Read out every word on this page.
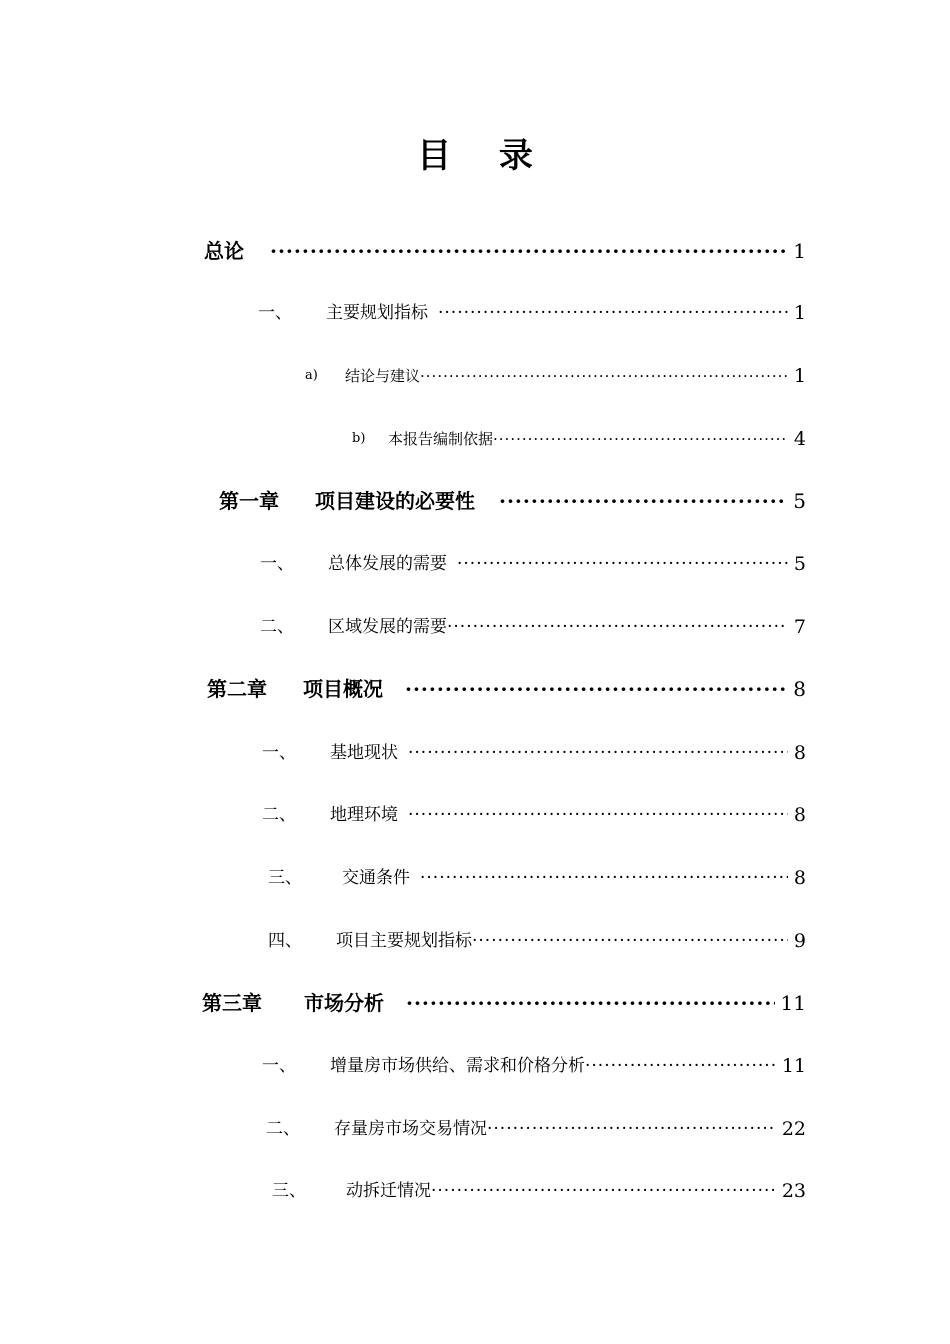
目 录
总论 ·····	1
一、	主要规划指标 ·····	1
a)	结论与建议 ·····	1
b)	本报告编制依据 ·····	4
第一章	项目建设的必要性 ·····	5
一、	总体发展的需要 ·····	5
二、	区域发展的需要 ·····	7
第二章	项目概况 ·····	8
一、	基地现状 ·····	8
二、	地理环境 ·····	8
三、	交通条件 ·····	8
四、	项目主要规划指标 ·····	9
第三章	市场分析 ·····	11
一、	增量房市场供给、需求和价格分析 ·····	11
二、	存量房市场交易情况 ·····	22
三、	动拆迁情况 ·····	23
